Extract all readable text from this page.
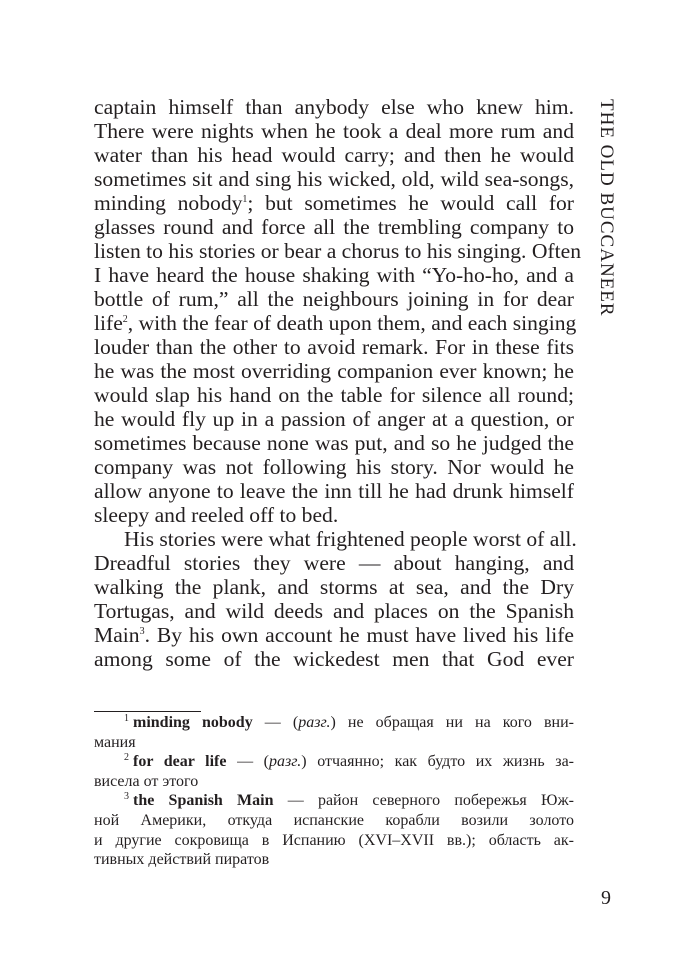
THE OLD BUCCANEER
captain himself than anybody else who knew him.
There were nights when he took a deal more rum and
water than his head would carry; and then he would
sometimes sit and sing his wicked, old, wild sea-songs,
minding nobody$^1$; but sometimes he would call for
glasses round and force all the trembling company to
listen to his stories or bear a chorus to his singing. Often
I have heard the house shaking with “Yo-ho-ho, and a
bottle of rum,” all the neighbours joining in for dear
life$^2$, with the fear of death upon them, and each singing
louder than the other to avoid remark. For in these fits
he was the most overriding companion ever known; he
would slap his hand on the table for silence all round;
he would fly up in a passion of anger at a question, or
sometimes because none was put, and so he judged the
company was not following his story. Nor would he
allow anyone to leave the inn till he had drunk himself
sleepy and reeled off to bed.
His stories were what frightened people worst of all.
Dreadful stories they were — about hanging, and
walking the plank, and storms at sea, and the Dry
Tortugas, and wild deeds and places on the Spanish
Main$^3$. By his own account he must have lived his life
among some of the wickedest men that God ever
$^1$ minding nobody — (разг.) не обращая ни на кого вни-
мания
$^2$ for dear life — (разг.) отчаянно; как будто их жизнь за-
висела от этого
$^3$ the Spanish Main — район северного побережья Юж-
ной Америки, откуда испанские корабли возили золото
и другие сокровища в Испанию (XVI–XVII вв.); область ак-
тивных действий пиратов
9
